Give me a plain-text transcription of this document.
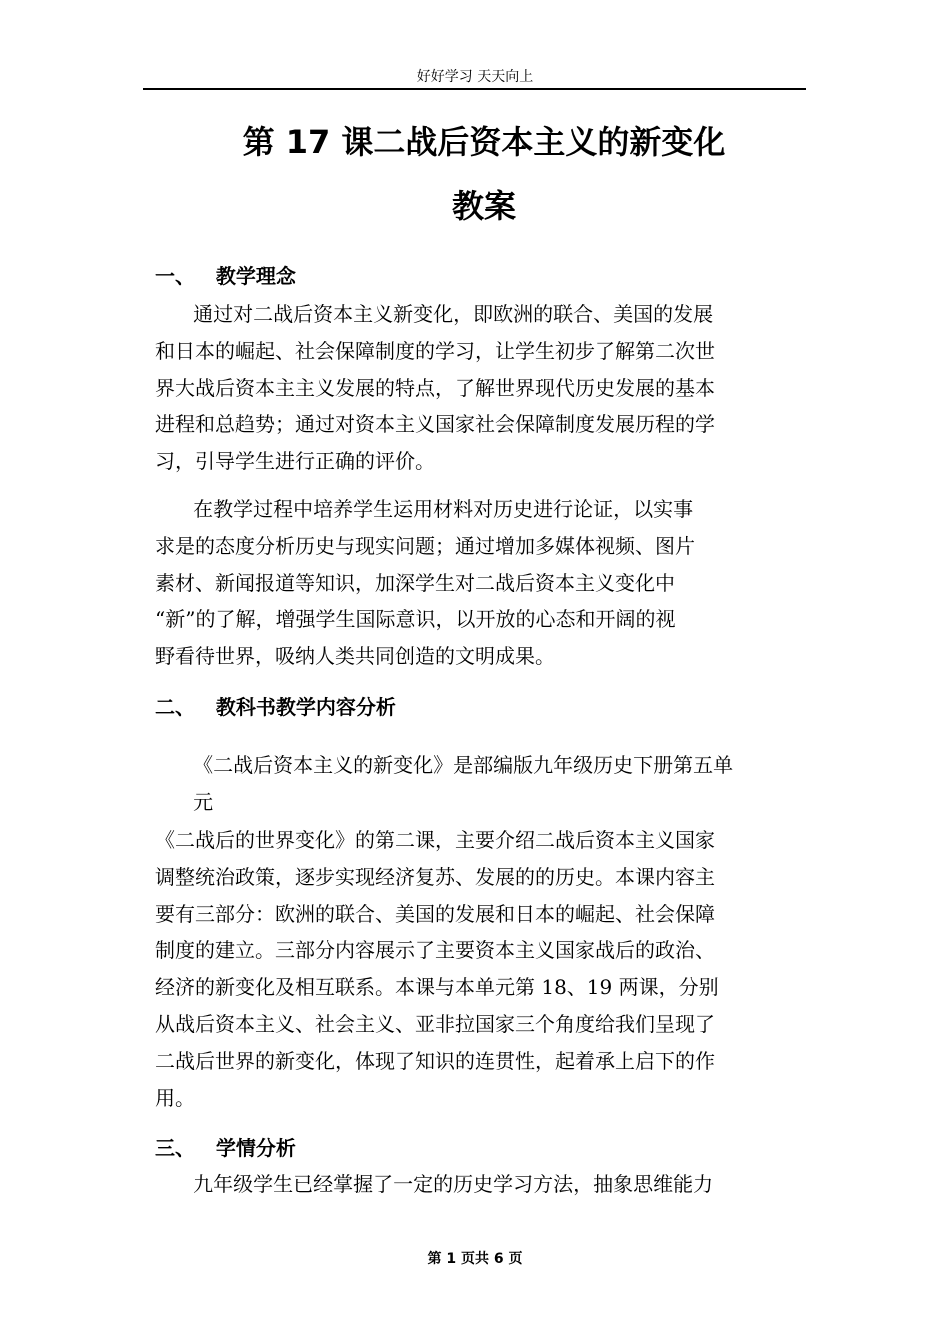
好好学习 天天向上
第 17 课二战后资本主义的新变化
教案
一、   教学理念
通过对二战后资本主义新变化，即欧洲的联合、美国的发展
和日本的崛起、社会保障制度的学习，让学生初步了解第二次世
界大战后资本主主义发展的特点，了解世界现代历史发展的基本
进程和总趋势；通过对资本主义国家社会保障制度发展历程的学
习，引导学生进行正确的评价。
在教学过程中培养学生运用材料对历史进行论证，以实事
求是的态度分析历史与现实问题；通过增加多媒体视频、图片
素材、新闻报道等知识，加深学生对二战后资本主义变化中
“新”的了解，增强学生国际意识，以开放的心态和开阔的视
野看待世界，吸纳人类共同创造的文明成果。
二、   教科书教学内容分析
《二战后资本主义的新变化》是部编版九年级历史下册第五单
元
《二战后的世界变化》的第二课，主要介绍二战后资本主义国家
调整统治政策，逐步实现经济复苏、发展的的历史。本课内容主
要有三部分：欧洲的联合、美国的发展和日本的崛起、社会保障
制度的建立。三部分内容展示了主要资本主义国家战后的政治、
经济的新变化及相互联系。本课与本单元第 18、19 两课，分别
从战后资本主义、社会主义、亚非拉国家三个角度给我们呈现了
二战后世界的新变化，体现了知识的连贯性，起着承上启下的作
用。
三、   学情分析
九年级学生已经掌握了一定的历史学习方法，抽象思维能力
第 1 页共 6 页
